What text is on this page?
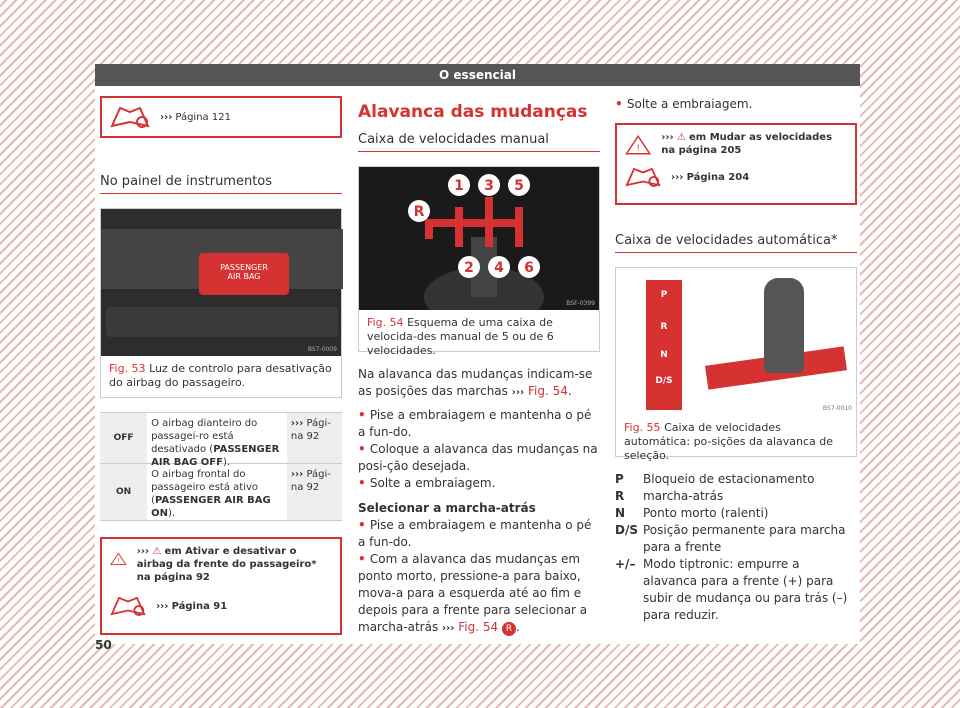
O essencial
››› Página 121
No painel de instrumentos
PASSENGER
AIR BAG
BS7-0009
Fig. 53 Luz de controlo para desativação do airbag do passageiro.
OFF
O airbag dianteiro do passagei-ro está desativado (PASSENGER AIR BAG OFF).
››› Pági-na 92
ON
O airbag frontal do passageiro está ativo (PASSENGER AIR BAG ON).
››› Pági-na 92
!
››› ⚠ em Ativar e desativar o airbag da frente do passageiro* na página 92
››› Página 91
Alavanca das mudanças
Caixa de velocidades manual
1 3 5
R
2 4 6
BSF-0399
Fig. 54 Esquema de uma caixa de velocida-des manual de 5 ou de 6 velocidades.
Na alavanca das mudanças indicam-se as posições das marchas ››› Fig. 54.
• Pise a embraiagem e mantenha o pé a fun-do.
• Coloque a alavanca das mudanças na posi-ção desejada.
• Solte a embraiagem.
Selecionar a marcha-atrás
• Pise a embraiagem e mantenha o pé a fun-do.
• Com a alavanca das mudanças em ponto morto, pressione-a para baixo, mova-a para a esquerda até ao fim e depois para a frente para selecionar a marcha-atrás ››› Fig. 54 R .
• Solte a embraiagem.
!
››› ⚠ em Mudar as velocidades na página 205
››› Página 204
Caixa de velocidades automática*
P
R
N
D/S
BS7-0010
Fig. 55 Caixa de velocidades automática: po-sições da alavanca de seleção.
P	Bloqueio de estacionamento
R	marcha-atrás
N	Ponto morto (ralenti)
D/S Posição permanente para marcha para a frente
+/– Modo tiptronic: empurre a alavanca para a frente (+) para subir de mudança ou para trás (–) para reduzir.
50
